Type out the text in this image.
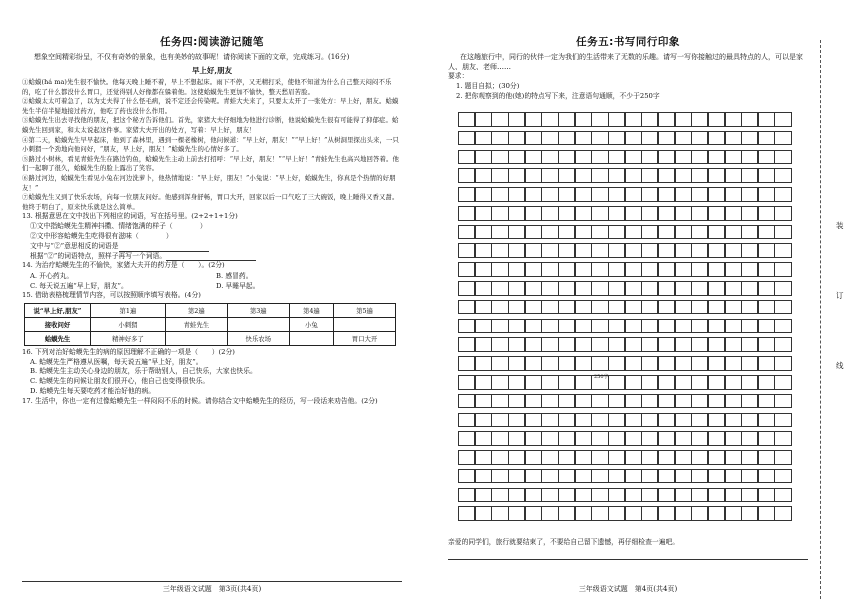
任务四:阅读游记随笔
想象空间精彩纷呈，不仅有奇妙的景象，也有美妙的故事呢！请你阅读下面的文章，完成练习。(16分)
早上好,朋友
①蛤蟆(há ma)先生很不愉快。他每天晚上睡不着，早上不想起床。雨下不停，又无精打采，使他不知道为什么自己整天闷闷不乐的，吃了什么都没什么胃口，还觉得别人好像都在躲着他。这使蛤蟆先生更加不愉快，整天愁眉苦脸。
②蛤蟆太太可着急了，以为丈夫得了什么怪毛病，说不定还会传染呢。青蛙大夫来了，只要太太开了一张处方：早上好，朋友。蛤蟆先生半信半疑地接过药方，他吃了药也没什么作用。
③蛤蟆先生出去寻找他的朋友，把这个秘方告诉他们。首先，家猪大夫仔细地为他进行诊断，他说蛤蟆先生很有可能得了抑郁症。蛤蟆先生回到家，和太太说起这件事。家猪大夫开出的处方，写着：早上好，朋友！
④第二天，蛤蟆先生早早起床，他到了森林里，遇到一棵老橡树，他问候道：“早上好，朋友！”“早上好！”从树洞里探出头来，一只小刺猬一个劲地向他问好，“朋友，早上好，朋友！”蛤蟆先生的心情好多了。
⑤路过小树林，看见青蛙先生在路边钓鱼，蛤蟆先生主动上前去打招呼：“早上好，朋友！”“早上好！”青蛙先生也高兴地回答着。他们一起聊了很久，蛤蟆先生的脸上露出了笑容。
⑥路过河边，蛤蟆先生看见小兔在河边洗萝卜，他热情地说：“早上好，朋友！”小兔说：“早上好，蛤蟆先生，你真是个热情的好朋友！”
⑦蛤蟆先生又到了快乐农场，向每一位朋友问好。他感到浑身舒畅，胃口大开，回家以后一口气吃了三大碗饭，晚上睡得又香又甜。他终于明白了，原来快乐就是这么简单。
13. 根据意思在文中找出下列相应的词语，写在括号里。(2+2+1+1分)
①文中指蛤蟆先生精神抖擞、情绪饱满的样子（　　　　）
②文中形容蛤蟆先生吃得很有滋味（　　　　）
文中与“②”意思相反的词语是
根据“②”的词语特点，照样子再写一个词语。
14. 为治疗蛤蟆先生的不愉快，家猪大夫开的药方是（　　）。(2分)
A. 开心药丸。	B. 感冒药。
C. 每天说五遍“早上好，朋友”。	D. 早睡早起。
15. 借助表格梳理情节内容，可以按照顺序填写表格。(4分)
说“早上好,朋友”	第1遍	第2遍	第3遍	第4遍	第5遍
接收问好	小刺猬	青蛙先生		小兔	
蛤蟆先生	精神好多了		快乐农场		胃口大开
16. 下列对治好蛤蟆先生的病的原因理解不正确的一项是（　　）(2分)
A. 蛤蟆先生严格遵从医嘱，每天说五遍“早上好，朋友”。
B. 蛤蟆先生主动关心身边的朋友，乐于帮助别人，自己快乐，大家也快乐。
C. 蛤蟆先生的问候让朋友们很开心，他自己也变得很快乐。
D. 蛤蟆先生每天要吃药才能治好他的病。
17. 生活中，你也一定有过像蛤蟆先生一样闷闷不乐的时候。请你结合文中蛤蟆先生的经历，写一段话来劝告他。(2分)
三年级语文试题　第3页(共4页)
任务五:书写同行印象
在这趟旅行中，同行的伙伴一定为我们的生活带来了无数的乐趣。请写一写你接触过的最具特点的人，可以是家人、朋友、老师……
要求：
1. 题目自拟；(30分)
2. 把你观察到的他(她)的特点写下来，注意语句通顺，不少于250字
250字
亲爱的同学们，旅行就要结束了，不要给自己留下遗憾，再仔细检查一遍吧。
三年级语文试题　第4页(共4页)
装
订
线
